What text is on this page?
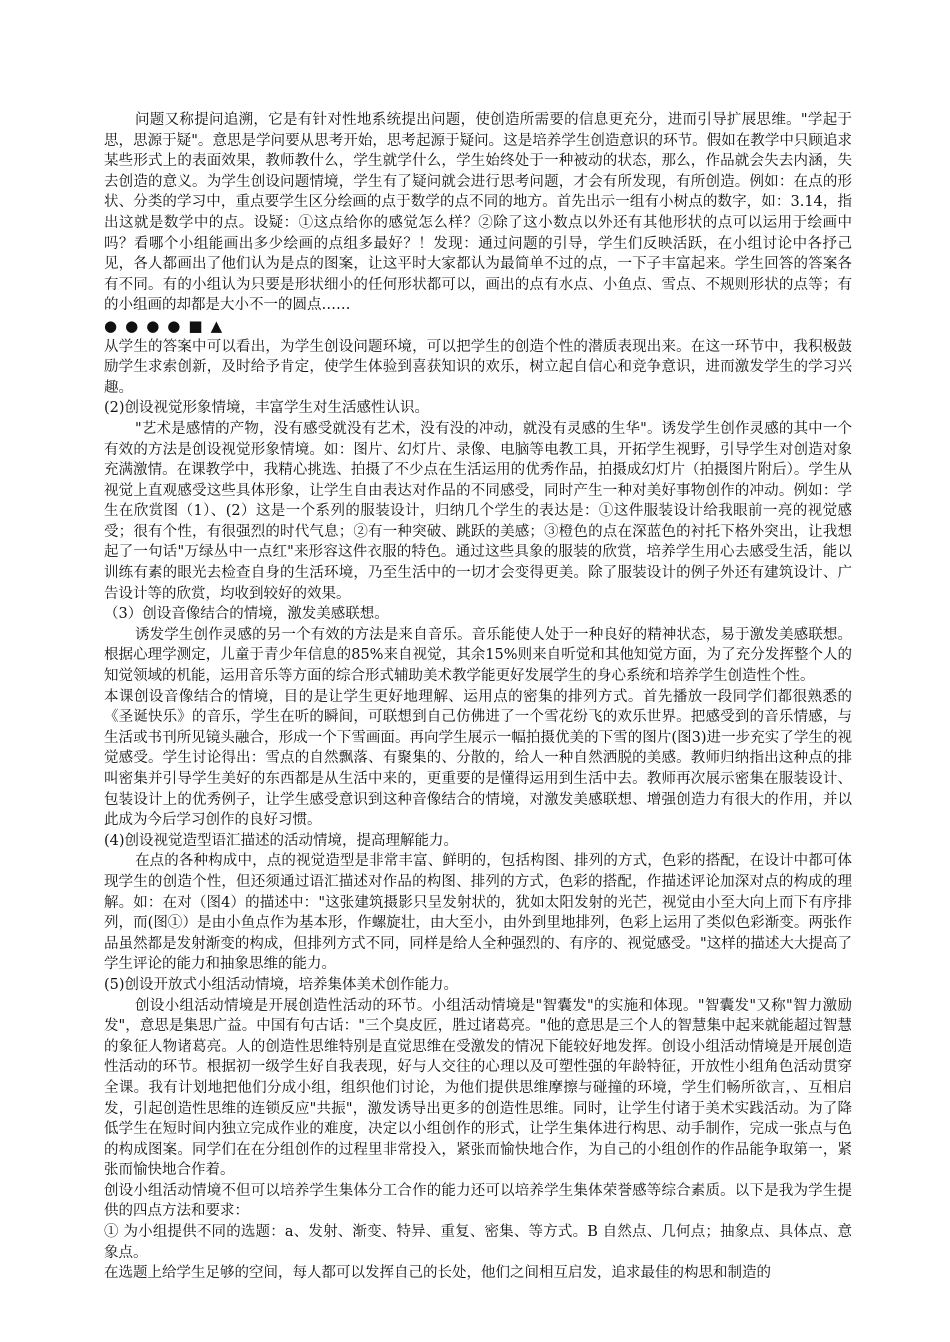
问题又称提问追溯，它是有针对性地系统提出问题，使创造所需要的信息更充分，进而引导扩展思维。"学起于思，思源于疑"。意思是学问要从思考开始，思考起源于疑问。这是培养学生创造意识的环节。假如在教学中只顾追求某些形式上的表面效果，教师教什么，学生就学什么，学生始终处于一种被动的状态，那么，作品就会失去内涵，失去创造的意义。为学生创设问题情境，学生有了疑问就会进行思考问题，才会有所发现，有所创造。例如：在点的形状、分类的学习中，重点要学生区分绘画的点于数学的点不同的地方。首先出示一组有小树点的数字，如：3.14，指出这就是数学中的点。设疑：①这点给你的感觉怎么样？②除了这小数点以外还有其他形状的点可以运用于绘画中吗？看哪个小组能画出多少绘画的点组多最好？！发现：通过问题的引导，学生们反映活跃，在小组讨论中各抒己见，各人都画出了他们认为是点的图案，让这平时大家都认为最简单不过的点，一下子丰富起来。学生回答的答案各有不同。有的小组认为只要是形状细小的任何形状都可以，画出的点有水点、小鱼点、雪点、不规则形状的点等；有的小组画的却都是大小不一的圆点……

● ● ● ● ■ ▲

从学生的答案中可以看出，为学生创设问题环境，可以把学生的创造个性的潜质表现出来。在这一环节中，我积极鼓励学生求索创新，及时给予肯定，使学生体验到喜获知识的欢乐，树立起自信心和竞争意识，进而激发学生的学习兴趣。

(2)创设视觉形象情境，丰富学生对生活感性认识。

"艺术是感情的产物，没有感受就没有艺术，没有没的冲动，就没有灵感的生华"。诱发学生创作灵感的其中一个有效的方法是创设视觉形象情境。如：图片、幻灯片、录像、电脑等电教工具，开拓学生视野，引导学生对创造对象充满激情。在课教学中，我精心挑选、拍摄了不少点在生活运用的优秀作品，拍摄成幻灯片（拍摄图片附后）。学生从视觉上直观感受这些具体形象，让学生自由表达对作品的不同感受，同时产生一种对美好事物创作的冲动。例如：学生在欣赏图（1）、(2）这是一个系列的服装设计，归纳几个学生的表达是：①这件服装设计给我眼前一亮的视觉感受；很有个性，有很强烈的时代气息；②有一种突破、跳跃的美感；③橙色的点在深蓝色的衬托下格外突出，让我想起了一句话"万绿丛中一点红"来形容这件衣服的特色。通过这些具象的服装的欣赏，培养学生用心去感受生活，能以训练有素的眼光去检查自身的生活环境，乃至生活中的一切才会变得更美。除了服装设计的例子外还有建筑设计、广告设计等的欣赏，均收到较好的效果。

（3）创设音像结合的情境，激发美感联想。

诱发学生创作灵感的另一个有效的方法是来自音乐。音乐能使人处于一种良好的精神状态，易于激发美感联想。根据心理学测定，儿童于青少年信息的85%来自视觉，其余15%则来自听觉和其他知觉方面，为了充分发挥整个人的知觉领域的机能，运用音乐等方面的综合形式辅助美术教学能更好发展学生的身心系统和培养学生创造性个性。

本课创设音像结合的情境，目的是让学生更好地理解、运用点的密集的排列方式。首先播放一段同学们都很熟悉的《圣诞快乐》的音乐，学生在听的瞬间，可联想到自己仿佛进了一个雪花纷飞的欢乐世界。把感受到的音乐情感，与生活或书刊所见镜头融合，形成一个下雪画面。再向学生展示一幅拍摄优美的下雪的图片(图3)进一步充实了学生的视觉感受。学生讨论得出：雪点的自然飘落、有聚集的、分散的，给人一种自然洒脱的美感。教师归纳指出这种点的排叫密集并引导学生美好的东西都是从生活中来的，更重要的是懂得运用到生活中去。教师再次展示密集在服装设计、包装设计上的优秀例子，让学生感受意识到这种音像结合的情境，对激发美感联想、增强创造力有很大的作用，并以此成为今后学习创作的良好习惯。

(4)创设视觉造型语汇描述的活动情境，提高理解能力。

在点的各种构成中，点的视觉造型是非常丰富、鲜明的，包括构图、排列的方式，色彩的搭配，在设计中都可体现学生的创造个性，但还须通过语汇描述对作品的构图、排列的方式，色彩的搭配，作描述评论加深对点的构成的理解。如：在对（图4）的描述中："这张建筑摄影只呈发射状的，犹如太阳发射的光芒，视觉由小至大向上而下有序排列，而(图①）是由小鱼点作为基本形，作螺旋壮，由大至小，由外到里地排列，色彩上运用了类似色彩渐变。两张作品虽然都是发射渐变的构成，但排列方式不同，同样是给人全种强烈的、有序的、视觉感受。"这样的描述大大提高了学生评论的能力和抽象思维的能力。

(5)创设开放式小组活动情境，培养集体美术创作能力。

创设小组活动情境是开展创造性活动的环节。小组活动情境是"智囊发"的实施和体现。"智囊发"又称"智力激励发"，意思是集思广益。中国有句古话："三个臭皮匠，胜过诸葛亮。"他的意思是三个人的智慧集中起来就能超过智慧的象征人物诸葛亮。人的创造性思维特别是直觉思维在受激发的情况下能较好地发挥。创设小组活动情境是开展创造性活动的环节。根据初一级学生好自我表现，好与人交往的心理以及可塑性强的年龄特征，开放性小组角色活动贯穿全课。我有计划地把他们分成小组，组织他们讨论，为他们提供思维摩擦与碰撞的环境，学生们畅所欲言，、互相启发，引起创造性思维的连锁反应"共振"，激发诱导出更多的创造性思维。同时，让学生付诸于美术实践活动。为了降低学生在短时间内独立完成作业的难度，决定以小组创作的形式，让学生集体进行构思、动手制作，完成一张点与色的构成图案。同学们在在分组创作的过程里非常投入，紧张而愉快地合作，为自己的小组创作的作品能争取第一，紧张而愉快地合作着。

创设小组活动情境不但可以培养学生集体分工合作的能力还可以培养学生集体荣誉感等综合素质。以下是我为学生提供的四点方法和要求：

① 为小组提供不同的选题：a、发射、渐变、特异、重复、密集、等方式。B 自然点、几何点；抽象点、具体点、意象点。

在选题上给学生足够的空间，每人都可以发挥自己的长处，他们之间相互启发，追求最佳的构思和制造的
